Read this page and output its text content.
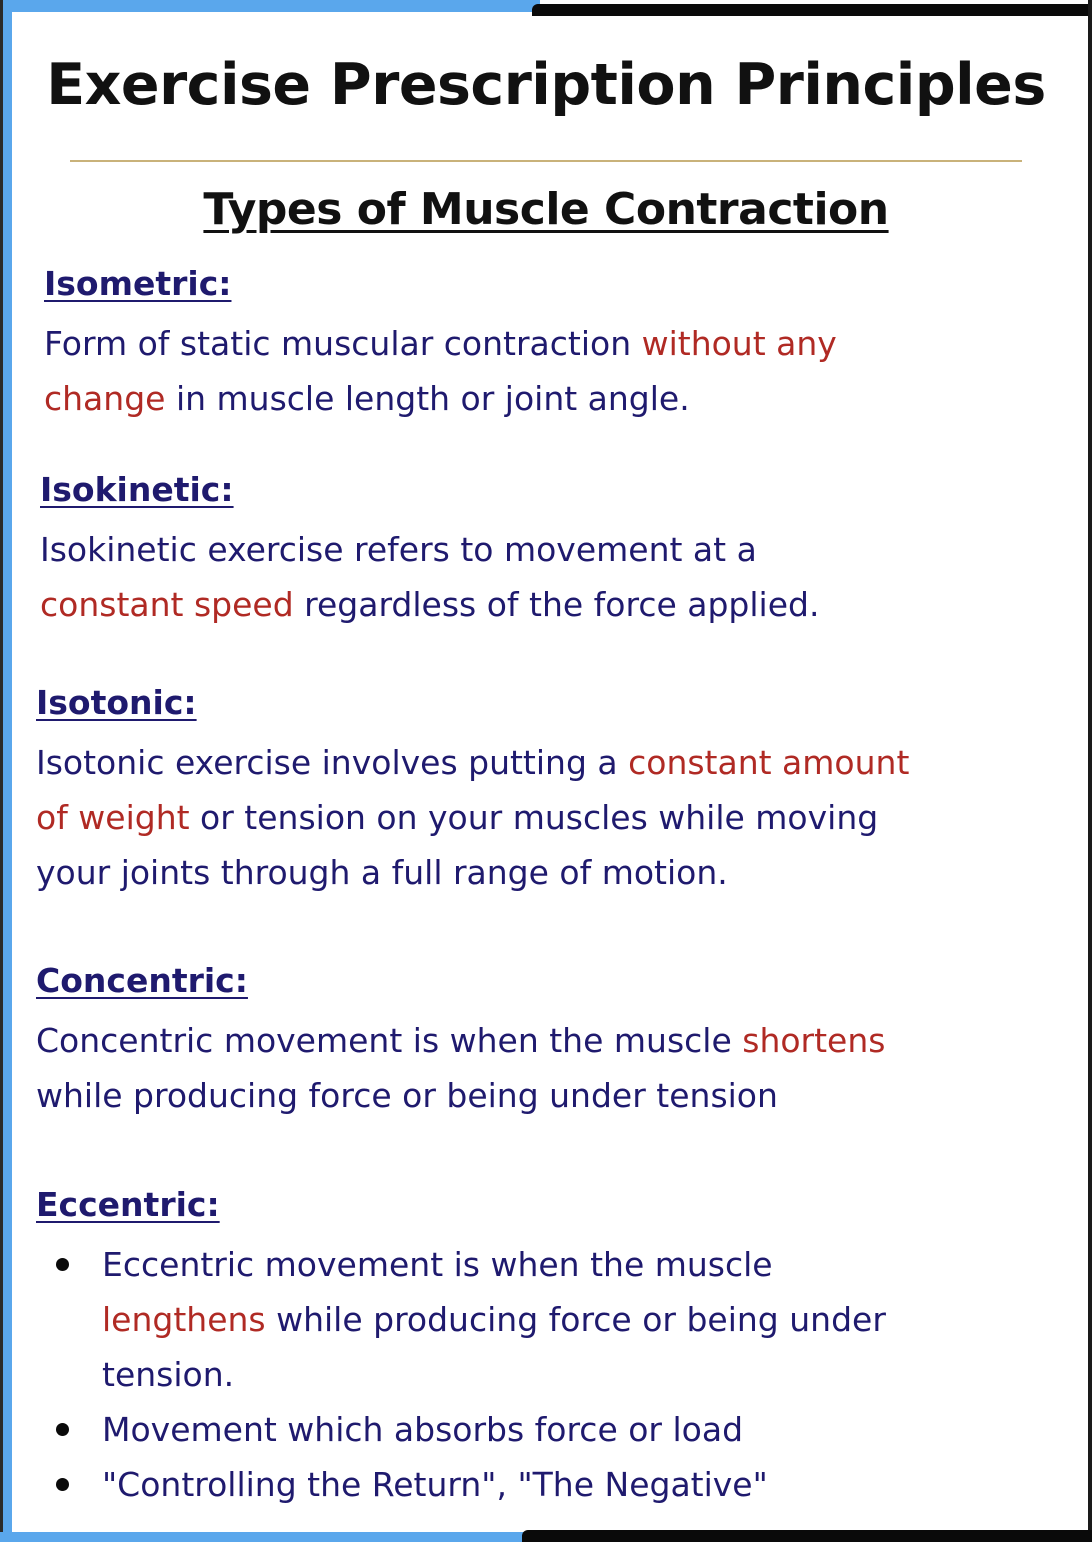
Exercise Prescription Principles
Types of Muscle Contraction
Isometric:
Form of static muscular contraction without any
change in muscle length or joint angle.
Isokinetic:
Isokinetic exercise refers to movement at a
constant speed regardless of the force applied.
Isotonic:
Isotonic exercise involves putting a constant amount
of weight or tension on your muscles while moving
your joints through a full range of motion.
Concentric:
Concentric movement is when the muscle shortens
while producing force or being under tension
Eccentric:
Eccentric movement is when the muscle
lengthens while producing force or being under
tension.
Movement which absorbs force or load
"Controlling the Return", "The Negative"
